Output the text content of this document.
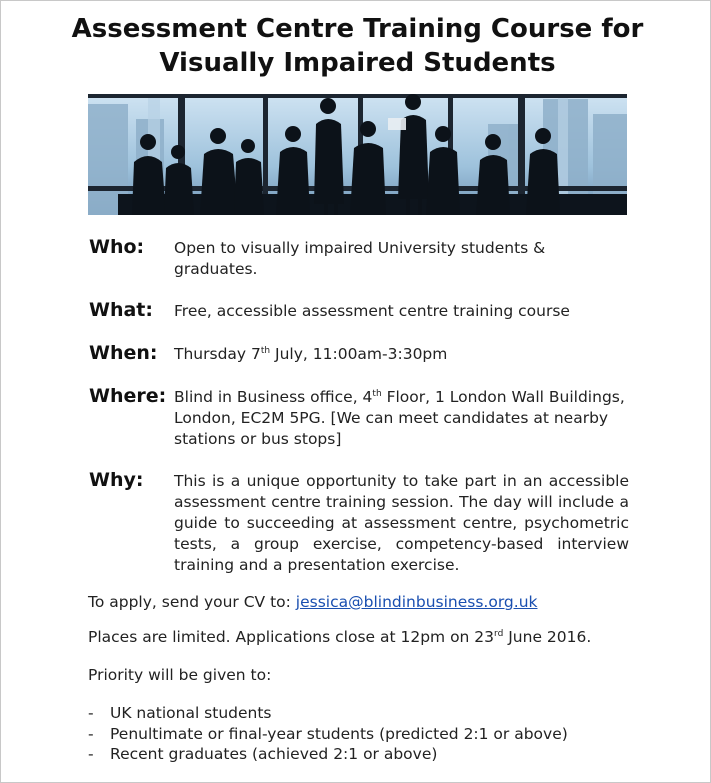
Assessment Centre Training Course for
Visually Impaired Students
Who: Open to visually impaired University students & graduates.
What: Free, accessible assessment centre training course
When: Thursday 7th July, 11:00am-3:30pm
Where: Blind in Business office, 4th Floor, 1 London Wall Buildings, London, EC2M 5PG. [We can meet candidates at nearby stations or bus stops]
Why: This is a unique opportunity to take part in an accessible assessment centre training session. The day will include a guide to succeeding at assessment centre, psychometric tests, a group exercise, competency-based interview training and a presentation exercise.
To apply, send your CV to: jessica@blindinbusiness.org.uk
Places are limited. Applications close at 12pm on 23rd June 2016.
Priority will be given to:
- UK national students
- Penultimate or final-year students (predicted 2:1 or above)
- Recent graduates (achieved 2:1 or above)
